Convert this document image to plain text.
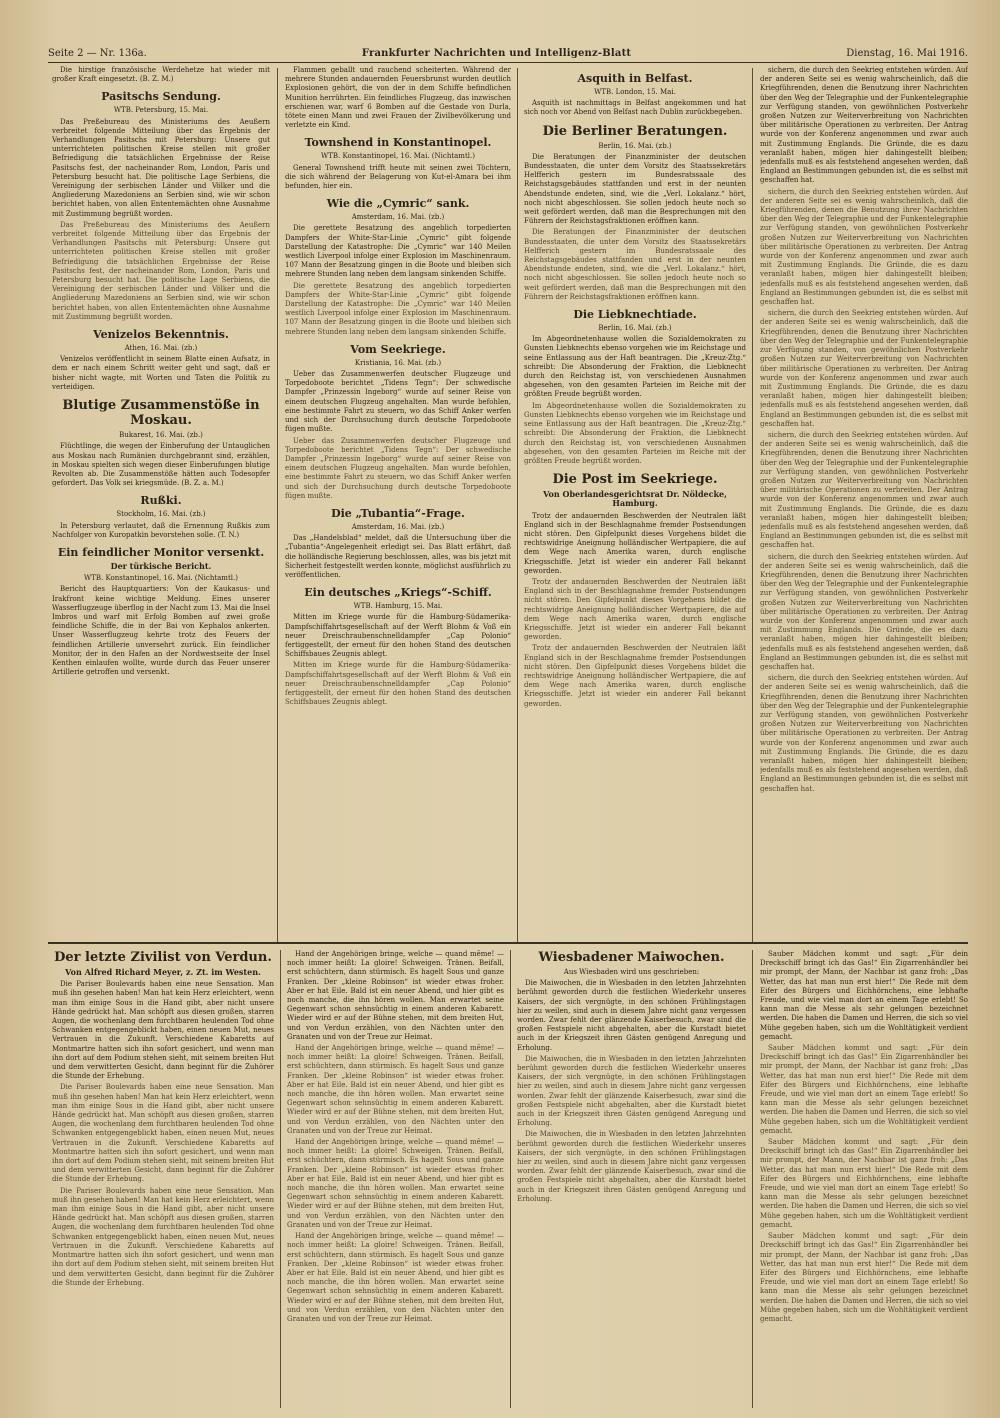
Seite 2 — Nr. 136a.	Frankfurter Nachrichten und Intelligenz-Blatt	Dienstag, 16. Mai 1916.

Die hirstige französische Werdehetze hat wieder mit großer Kraft eingesetzt. (B. Z. M.)

Pasitschs Sendung.
WTB. Petersburg, 15. Mai.

Das Preßebureau des Ministeriums des Aeußern verbreitet folgende Mitteilung über das Ergebnis der Verhandlungen Pasitschs mit Petersburg: Unsere gut unterrichteten politischen Kreise stellen mit großer Befriedigung die tatsächlichen Ergebnisse der Reise Pasitschs fest, der nacheinander Rom, London, Paris und Petersburg besucht hat. Die politische Lage Serbiens, die Vereinigung der serbischen Länder und Völker und die Angliederung Mazedoniens an Serbien sind, wie wir schon berichtet haben, von allen Ententemächten ohne Ausnahme mit Zustimmung begrüßt worden.

Das Preßebureau des Ministeriums des Aeußern verbreitet folgende Mitteilung über das Ergebnis der Verhandlungen Pasitschs mit Petersburg: Unsere gut unterrichteten politischen Kreise stellen mit großer Befriedigung die tatsächlichen Ergebnisse der Reise Pasitschs fest, der nacheinander Rom, London, Paris und Petersburg besucht hat. Die politische Lage Serbiens, die Vereinigung der serbischen Länder und Völker und die Angliederung Mazedoniens an Serbien sind, wie wir schon berichtet haben, von allen Ententemächten ohne Ausnahme mit Zustimmung begrüßt worden.

Venizelos Bekenntnis.
Athen, 16. Mai. (zb.)

Venizelos veröffentlicht in seinem Blatte einen Aufsatz, in dem er nach einem Schritt weiter geht und sagt, daß er bisher nicht wagte, mit Worten und Taten die Politik zu verteidigen.

Blutige Zusammenstöße in Moskau.
Bukarest, 16. Mai. (zb.)

Flüchtlinge, die wegen der Einberufung der Untauglichen aus Moskau nach Rumänien durchgebrannt sind, erzählen, in Moskau spielten sich wegen dieser Einberufungen blutige Revolten ab. Die Zusammenstöße hätten auch Todesopfer gefordert. Das Volk sei kriegsmüde. (B. Z. a. M.)

Rußki.
Stockholm, 16. Mai. (zb.)

In Petersburg verlautet, daß die Ernennung Rußkis zum Nachfolger von Kuropatkin bevorstehen solle. (T. N.)

Ein feindlicher Monitor versenkt.
Der türkische Bericht.
WTB. Konstantinopel, 16. Mai. (Nichtamtl.)

Bericht des Hauptquartiers: Von der Kaukasus- und Irakfront keine wichtige Meldung. Eines unserer Wasserflugzeuge überflog in der Nacht zum 13. Mai die Insel Imbros und warf mit Erfolg Bomben auf zwei große feindliche Schiffe, die in der Bai von Kephalos ankerten. Unser Wasserflugzeug kehrte trotz des Feuers der feindlichen Artillerie unversehrt zurück. Ein feindlicher Monitor, der in den Hafen an der Nordwestseite der Insel Kenthen einlaufen wollte, wurde durch das Feuer unserer Artillerie getroffen und versenkt.

Flammen geballt und rauchend scheiterten. Während der mehrere Stunden andauernden Feuersbrunst wurden deutlich Explosionen gehört, die von der in dem Schiffe befindlichen Munition herrührten. Ein feindliches Flugzeug, das inzwischen erschienen war, warf 6 Bomben auf die Gestade von Durla, tötete einen Mann und zwei Frauen der Zivilbevölkerung und verletzte ein Kind.

Townshend in Konstantinopel.
WTB. Konstantinopel, 16. Mai. (Nichtamtl.)

General Townshend trifft heute mit seinen zwei Töchtern, die sich während der Belagerung von Kut-el-Amara bei ihm befunden, hier ein.

Wie die „Cymric“ sank.
Amsterdam, 16. Mai. (zb.)

Die gerettete Besatzung des angeblich torpedierten Dampfers der White-Star-Linie „Cymric“ gibt folgende Darstellung der Katastrophe: Die „Cymric“ war 140 Meilen westlich Liverpool infolge einer Explosion im Maschinenraum. 107 Mann der Besatzung gingen in die Boote und bleiben sich mehrere Stunden lang neben dem langsam sinkenden Schiffe.

Die gerettete Besatzung des angeblich torpedierten Dampfers der White-Star-Linie „Cymric“ gibt folgende Darstellung der Katastrophe: Die „Cymric“ war 140 Meilen westlich Liverpool infolge einer Explosion im Maschinenraum. 107 Mann der Besatzung gingen in die Boote und bleiben sich mehrere Stunden lang neben dem langsam sinkenden Schiffe.

Vom Seekriege.
Kristiania, 16. Mai. (zb.)

Ueber das Zusammenwerfen deutscher Flugzeuge und Torpedoboote berichtet „Tidens Tegn“: Der schwedische Dampfer „Prinzessin Ingeborg“ wurde auf seiner Reise von einem deutschen Flugzeug angehalten. Man wurde befohlen, eine bestimmte Fahrt zu steuern, wo das Schiff Anker werfen und sich der Durchsuchung durch deutsche Torpedoboote fügen mußte.

Ueber das Zusammenwerfen deutscher Flugzeuge und Torpedoboote berichtet „Tidens Tegn“: Der schwedische Dampfer „Prinzessin Ingeborg“ wurde auf seiner Reise von einem deutschen Flugzeug angehalten. Man wurde befohlen, eine bestimmte Fahrt zu steuern, wo das Schiff Anker werfen und sich der Durchsuchung durch deutsche Torpedoboote fügen mußte.

Die „Tubantia“-Frage.
Amsterdam, 16. Mai. (zb.)

Das „Handelsblad“ meldet, daß die Untersuchung über die „Tubantia“-Angelegenheit erledigt sei. Das Blatt erfährt, daß die holländische Regierung beschlossen, alles, was bis jetzt mit Sicherheit festgestellt werden konnte, möglichst ausführlich zu veröffentlichen.

Ein deutsches „Kriegs“-Schiff.
WTB. Hamburg, 15. Mai.

Mitten im Kriege wurde für die Hamburg-Südamerika-Dampfschiffahrtsgesellschaft auf der Werft Blohm & Voß ein neuer Dreischraubenschnelldampfer „Cap Polonio“ fertiggestellt, der erneut für den hohen Stand des deutschen Schiffsbaues Zeugnis ablegt.

Mitten im Kriege wurde für die Hamburg-Südamerika-Dampfschiffahrtsgesellschaft auf der Werft Blohm & Voß ein neuer Dreischraubenschnelldampfer „Cap Polonio“ fertiggestellt, der erneut für den hohen Stand des deutschen Schiffsbaues Zeugnis ablegt.

Asquith in Belfast.
WTB. London, 15. Mai.

Asquith ist nachmittags in Belfast angekommen und hat sich noch vor Abend von Belfast nach Dublin zurückbegeben.

Die Berliner Beratungen.
Berlin, 16. Mai. (zb.)

Die Beratungen der Finanzminister der deutschen Bundesstaaten, die unter dem Vorsitz des Staatssekretärs Helfferich gestern im Bundesratssaale des Reichstagsgebäudes stattfanden und erst in der neunten Abendstunde endeten, sind, wie die „Verl. Lokalanz.“ hört, noch nicht abgeschlossen. Sie sollen jedoch heute noch so weit gefördert werden, daß man die Besprechungen mit den Führern der Reichstagsfraktionen eröffnen kann.

Die Beratungen der Finanzminister der deutschen Bundesstaaten, die unter dem Vorsitz des Staatssekretärs Helfferich gestern im Bundesratssaale des Reichstagsgebäudes stattfanden und erst in der neunten Abendstunde endeten, sind, wie die „Verl. Lokalanz.“ hört, noch nicht abgeschlossen. Sie sollen jedoch heute noch so weit gefördert werden, daß man die Besprechungen mit den Führern der Reichstagsfraktionen eröffnen kann.

Die Liebknechtiade.
Berlin, 16. Mai. (zb.)

Im Abgeordnetenhause wollen die Sozialdemokraten zu Gunsten Liebknechts ebenso vorgehen wie im Reichstage und seine Entlassung aus der Haft beantragen. Die „Kreuz-Ztg.“ schreibt: Die Absonderung der Fraktion, die Liebknecht durch den Reichstag ist, von verschiedenen Ausnahmen abgesehen, von den gesamten Parteien im Reiche mit der größten Freude begrüßt worden.

Im Abgeordnetenhause wollen die Sozialdemokraten zu Gunsten Liebknechts ebenso vorgehen wie im Reichstage und seine Entlassung aus der Haft beantragen. Die „Kreuz-Ztg.“ schreibt: Die Absonderung der Fraktion, die Liebknecht durch den Reichstag ist, von verschiedenen Ausnahmen abgesehen, von den gesamten Parteien im Reiche mit der größten Freude begrüßt worden.

Die Post im Seekriege.
Von Oberlandesgerichtsrat Dr. Nöldecke, Hamburg.

Trotz der andauernden Beschwerden der Neutralen läßt England sich in der Beschlagnahme fremder Postsendungen nicht stören. Den Gipfelpunkt dieses Vorgehens bildet die rechtswidrige Aneignung holländischer Wertpapiere, die auf dem Wege nach Amerika waren, durch englische Kriegsschiffe. Jetzt ist wieder ein anderer Fall bekannt geworden.

Trotz der andauernden Beschwerden der Neutralen läßt England sich in der Beschlagnahme fremder Postsendungen nicht stören. Den Gipfelpunkt dieses Vorgehens bildet die rechtswidrige Aneignung holländischer Wertpapiere, die auf dem Wege nach Amerika waren, durch englische Kriegsschiffe. Jetzt ist wieder ein anderer Fall bekannt geworden.

Trotz der andauernden Beschwerden der Neutralen läßt England sich in der Beschlagnahme fremder Postsendungen nicht stören. Den Gipfelpunkt dieses Vorgehens bildet die rechtswidrige Aneignung holländischer Wertpapiere, die auf dem Wege nach Amerika waren, durch englische Kriegsschiffe. Jetzt ist wieder ein anderer Fall bekannt geworden.

sichern, die durch den Seekrieg entstehen würden. Auf der anderen Seite sei es wenig wahrscheinlich, daß die Kriegführenden, denen die Benutzung ihrer Nachrichten über den Weg der Telegraphie und der Funkentelegraphie zur Verfügung standen, von gewöhnlichen Postverkehr großen Nutzen zur Weiterverbreitung von Nachrichten über militärische Operationen zu verbreiten. Der Antrag wurde von der Konferenz angenommen und zwar auch mit Zustimmung Englands. Die Gründe, die es dazu veranlaßt haben, mögen hier dahingestellt bleiben; jedenfalls muß es als feststehend angesehen werden, daß England an Bestimmungen gebunden ist, die es selbst mit geschaffen hat.

sichern, die durch den Seekrieg entstehen würden. Auf der anderen Seite sei es wenig wahrscheinlich, daß die Kriegführenden, denen die Benutzung ihrer Nachrichten über den Weg der Telegraphie und der Funkentelegraphie zur Verfügung standen, von gewöhnlichen Postverkehr großen Nutzen zur Weiterverbreitung von Nachrichten über militärische Operationen zu verbreiten. Der Antrag wurde von der Konferenz angenommen und zwar auch mit Zustimmung Englands. Die Gründe, die es dazu veranlaßt haben, mögen hier dahingestellt bleiben; jedenfalls muß es als feststehend angesehen werden, daß England an Bestimmungen gebunden ist, die es selbst mit geschaffen hat.

sichern, die durch den Seekrieg entstehen würden. Auf der anderen Seite sei es wenig wahrscheinlich, daß die Kriegführenden, denen die Benutzung ihrer Nachrichten über den Weg der Telegraphie und der Funkentelegraphie zur Verfügung standen, von gewöhnlichen Postverkehr großen Nutzen zur Weiterverbreitung von Nachrichten über militärische Operationen zu verbreiten. Der Antrag wurde von der Konferenz angenommen und zwar auch mit Zustimmung Englands. Die Gründe, die es dazu veranlaßt haben, mögen hier dahingestellt bleiben; jedenfalls muß es als feststehend angesehen werden, daß England an Bestimmungen gebunden ist, die es selbst mit geschaffen hat.

sichern, die durch den Seekrieg entstehen würden. Auf der anderen Seite sei es wenig wahrscheinlich, daß die Kriegführenden, denen die Benutzung ihrer Nachrichten über den Weg der Telegraphie und der Funkentelegraphie zur Verfügung standen, von gewöhnlichen Postverkehr großen Nutzen zur Weiterverbreitung von Nachrichten über militärische Operationen zu verbreiten. Der Antrag wurde von der Konferenz angenommen und zwar auch mit Zustimmung Englands. Die Gründe, die es dazu veranlaßt haben, mögen hier dahingestellt bleiben; jedenfalls muß es als feststehend angesehen werden, daß England an Bestimmungen gebunden ist, die es selbst mit geschaffen hat.

sichern, die durch den Seekrieg entstehen würden. Auf der anderen Seite sei es wenig wahrscheinlich, daß die Kriegführenden, denen die Benutzung ihrer Nachrichten über den Weg der Telegraphie und der Funkentelegraphie zur Verfügung standen, von gewöhnlichen Postverkehr großen Nutzen zur Weiterverbreitung von Nachrichten über militärische Operationen zu verbreiten. Der Antrag wurde von der Konferenz angenommen und zwar auch mit Zustimmung Englands. Die Gründe, die es dazu veranlaßt haben, mögen hier dahingestellt bleiben; jedenfalls muß es als feststehend angesehen werden, daß England an Bestimmungen gebunden ist, die es selbst mit geschaffen hat.

sichern, die durch den Seekrieg entstehen würden. Auf der anderen Seite sei es wenig wahrscheinlich, daß die Kriegführenden, denen die Benutzung ihrer Nachrichten über den Weg der Telegraphie und der Funkentelegraphie zur Verfügung standen, von gewöhnlichen Postverkehr großen Nutzen zur Weiterverbreitung von Nachrichten über militärische Operationen zu verbreiten. Der Antrag wurde von der Konferenz angenommen und zwar auch mit Zustimmung Englands. Die Gründe, die es dazu veranlaßt haben, mögen hier dahingestellt bleiben; jedenfalls muß es als feststehend angesehen werden, daß England an Bestimmungen gebunden ist, die es selbst mit geschaffen hat.

Der letzte Zivilist von Verdun.
Von Alfred Richard Meyer, z. Zt. im Westen.

Die Pariser Boulevards haben eine neue Sensation. Man muß ihn gesehen haben! Man hat kein Herz erleichtert, wenn man ihm einige Sous in die Hand gibt, aber nicht unsere Hände gedrückt hat. Man schöpft aus diesen großen, starren Augen, die wochenlang dem furchtbaren heulenden Tod ohne Schwanken entgegengeblickt haben, einen neuen Mut, neues Vertrauen in die Zukunft. Verschiedene Kabaretts auf Montmartre hatten sich ihn sofort gesichert, und wenn man ihn dort auf dem Podium stehen sieht, mit seinem breiten Hut und dem verwitterten Gesicht, dann beginnt für die Zuhörer die Stunde der Erhebung.

Die Pariser Boulevards haben eine neue Sensation. Man muß ihn gesehen haben! Man hat kein Herz erleichtert, wenn man ihm einige Sous in die Hand gibt, aber nicht unsere Hände gedrückt hat. Man schöpft aus diesen großen, starren Augen, die wochenlang dem furchtbaren heulenden Tod ohne Schwanken entgegengeblickt haben, einen neuen Mut, neues Vertrauen in die Zukunft. Verschiedene Kabaretts auf Montmartre hatten sich ihn sofort gesichert, und wenn man ihn dort auf dem Podium stehen sieht, mit seinem breiten Hut und dem verwitterten Gesicht, dann beginnt für die Zuhörer die Stunde der Erhebung.

Die Pariser Boulevards haben eine neue Sensation. Man muß ihn gesehen haben! Man hat kein Herz erleichtert, wenn man ihm einige Sous in die Hand gibt, aber nicht unsere Hände gedrückt hat. Man schöpft aus diesen großen, starren Augen, die wochenlang dem furchtbaren heulenden Tod ohne Schwanken entgegengeblickt haben, einen neuen Mut, neues Vertrauen in die Zukunft. Verschiedene Kabaretts auf Montmartre hatten sich ihn sofort gesichert, und wenn man ihn dort auf dem Podium stehen sieht, mit seinem breiten Hut und dem verwitterten Gesicht, dann beginnt für die Zuhörer die Stunde der Erhebung.

Hand der Angehörigen bringe, welche — quand même! — noch immer heißt: La gloire! Schweigen. Tränen. Beifall, erst schüchtern, dann stürmisch. Es hagelt Sous und ganze Franken. Der „kleine Robinson“ ist wieder etwas froher. Aber er hat Eile. Bald ist ein neuer Abend, und hier gibt es noch manche, die ihn hören wollen. Man erwartet seine Gegenwart schon sehnsüchtig in einem anderen Kabarett. Wieder wird er auf der Bühne stehen, mit dem breiten Hut, und von Verdun erzählen, von den Nächten unter den Granaten und von der Treue zur Heimat.

Hand der Angehörigen bringe, welche — quand même! — noch immer heißt: La gloire! Schweigen. Tränen. Beifall, erst schüchtern, dann stürmisch. Es hagelt Sous und ganze Franken. Der „kleine Robinson“ ist wieder etwas froher. Aber er hat Eile. Bald ist ein neuer Abend, und hier gibt es noch manche, die ihn hören wollen. Man erwartet seine Gegenwart schon sehnsüchtig in einem anderen Kabarett. Wieder wird er auf der Bühne stehen, mit dem breiten Hut, und von Verdun erzählen, von den Nächten unter den Granaten und von der Treue zur Heimat.

Hand der Angehörigen bringe, welche — quand même! — noch immer heißt: La gloire! Schweigen. Tränen. Beifall, erst schüchtern, dann stürmisch. Es hagelt Sous und ganze Franken. Der „kleine Robinson“ ist wieder etwas froher. Aber er hat Eile. Bald ist ein neuer Abend, und hier gibt es noch manche, die ihn hören wollen. Man erwartet seine Gegenwart schon sehnsüchtig in einem anderen Kabarett. Wieder wird er auf der Bühne stehen, mit dem breiten Hut, und von Verdun erzählen, von den Nächten unter den Granaten und von der Treue zur Heimat.

Hand der Angehörigen bringe, welche — quand même! — noch immer heißt: La gloire! Schweigen. Tränen. Beifall, erst schüchtern, dann stürmisch. Es hagelt Sous und ganze Franken. Der „kleine Robinson“ ist wieder etwas froher. Aber er hat Eile. Bald ist ein neuer Abend, und hier gibt es noch manche, die ihn hören wollen. Man erwartet seine Gegenwart schon sehnsüchtig in einem anderen Kabarett. Wieder wird er auf der Bühne stehen, mit dem breiten Hut, und von Verdun erzählen, von den Nächten unter den Granaten und von der Treue zur Heimat.

Wiesbadener Maiwochen.
Aus Wiesbaden wird uns geschrieben:

Die Maiwochen, die in Wiesbaden in den letzten Jahrzehnten berühmt geworden durch die festlichen Wiederkehr unseres Kaisers, der sich vergnügte, in den schönen Frühlingstagen hier zu weilen, sind auch in diesem Jahre nicht ganz vergessen worden. Zwar fehlt der glänzende Kaiserbesuch, zwar sind die großen Festspiele nicht abgehalten, aber die Kurstadt bietet auch in der Kriegszeit ihren Gästen genügend Anregung und Erholung.

Die Maiwochen, die in Wiesbaden in den letzten Jahrzehnten berühmt geworden durch die festlichen Wiederkehr unseres Kaisers, der sich vergnügte, in den schönen Frühlingstagen hier zu weilen, sind auch in diesem Jahre nicht ganz vergessen worden. Zwar fehlt der glänzende Kaiserbesuch, zwar sind die großen Festspiele nicht abgehalten, aber die Kurstadt bietet auch in der Kriegszeit ihren Gästen genügend Anregung und Erholung.

Die Maiwochen, die in Wiesbaden in den letzten Jahrzehnten berühmt geworden durch die festlichen Wiederkehr unseres Kaisers, der sich vergnügte, in den schönen Frühlingstagen hier zu weilen, sind auch in diesem Jahre nicht ganz vergessen worden. Zwar fehlt der glänzende Kaiserbesuch, zwar sind die großen Festspiele nicht abgehalten, aber die Kurstadt bietet auch in der Kriegszeit ihren Gästen genügend Anregung und Erholung.

Sauber Mädchen kommt und sagt: „Für dein Dreckschiff bringt ich das Gas!“ Ein Zigarrenhändler bei mir prompt, der Mann, der Nachbar ist ganz froh: „Das Wetter, das hat man nun erst hier!“ Die Rede mit dem Eifer des Bürgers und Eichhörnchens, eine lebhafte Freude, und wie viel man dort an einem Tage erlebt! So kann man die Messe als sehr gelungen bezeichnet werden. Die haben die Damen und Herren, die sich so viel Mühe gegeben haben, sich um die Wohltätigkeit verdient gemacht.

Sauber Mädchen kommt und sagt: „Für dein Dreckschiff bringt ich das Gas!“ Ein Zigarrenhändler bei mir prompt, der Mann, der Nachbar ist ganz froh: „Das Wetter, das hat man nun erst hier!“ Die Rede mit dem Eifer des Bürgers und Eichhörnchens, eine lebhafte Freude, und wie viel man dort an einem Tage erlebt! So kann man die Messe als sehr gelungen bezeichnet werden. Die haben die Damen und Herren, die sich so viel Mühe gegeben haben, sich um die Wohltätigkeit verdient gemacht.

Sauber Mädchen kommt und sagt: „Für dein Dreckschiff bringt ich das Gas!“ Ein Zigarrenhändler bei mir prompt, der Mann, der Nachbar ist ganz froh: „Das Wetter, das hat man nun erst hier!“ Die Rede mit dem Eifer des Bürgers und Eichhörnchens, eine lebhafte Freude, und wie viel man dort an einem Tage erlebt! So kann man die Messe als sehr gelungen bezeichnet werden. Die haben die Damen und Herren, die sich so viel Mühe gegeben haben, sich um die Wohltätigkeit verdient gemacht.

Sauber Mädchen kommt und sagt: „Für dein Dreckschiff bringt ich das Gas!“ Ein Zigarrenhändler bei mir prompt, der Mann, der Nachbar ist ganz froh: „Das Wetter, das hat man nun erst hier!“ Die Rede mit dem Eifer des Bürgers und Eichhörnchens, eine lebhafte Freude, und wie viel man dort an einem Tage erlebt! So kann man die Messe als sehr gelungen bezeichnet werden. Die haben die Damen und Herren, die sich so viel Mühe gegeben haben, sich um die Wohltätigkeit verdient gemacht.
